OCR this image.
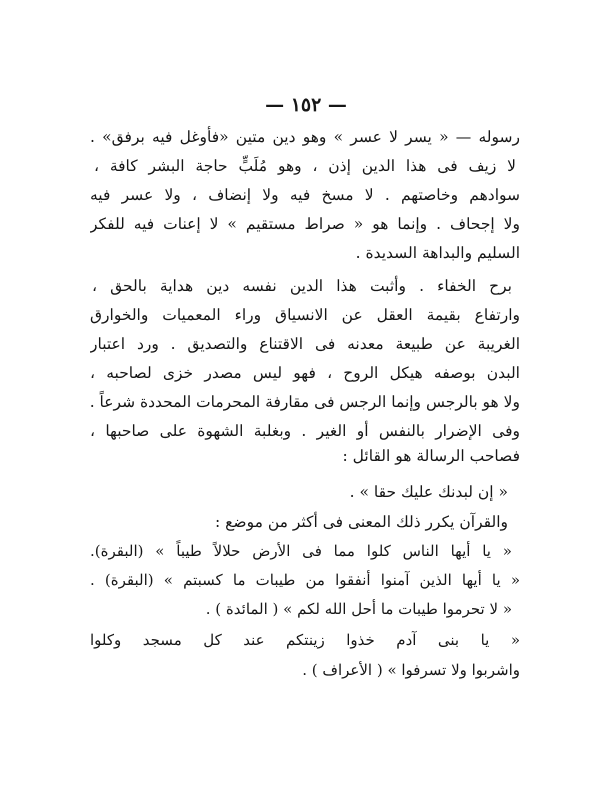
— ١٥٢ —
رسوله — « يسر لا عسر » وهو دين متين «فأوغل فيه برفق» .
لا زيف فى هذا الدين إذن ، وهو مُلَبٍّ حاجة البشر كافة ،
سوادهم وخاصتهم . لا مسخ فيه ولا إنضاف ، ولا عسر فيه
ولا إجحاف . وإنما هو « صراط مستقيم » لا إعنات فيه للفكر
السليم والبداهة السديدة .
برح الخفاء . وأثبت هذا الدين نفسه دين هداية بالحق ،
وارتفاع بقيمة العقل عن الانسياق وراء المعميات والخوارق
الغريبة عن طبيعة معدنه فى الاقتناع والتصديق . ورد اعتبار
البدن بوصفه هيكل الروح ، فهو ليس مصدر خزى لصاحبه ،
ولا هو بالرجس وإنما الرجس فى مقارفة المحرمات المحددة شرعاً .
وفى الإضرار بالنفس أو الغير . وبغلبة الشهوة على صاحبها ،
فصاحب الرسالة هو القائل :
« إن لبدنك عليك حقا » .
والقرآن يكرر ذلك المعنى فى أكثر من موضع :
« يا أيها الناس كلوا مما فى الأرض حلالاً طيباً » (البقرة).
« يا أيها الذين آمنوا أنفقوا من طيبات ما كسبتم » (البقرة) .
« لا تحرموا طيبات ما أحل الله لكم » ( المائدة ) .
« يا بنى آدم خذوا زينتكم عند كل مسجد وكلوا
واشربوا ولا تسرفوا » ( الأعراف ) .
